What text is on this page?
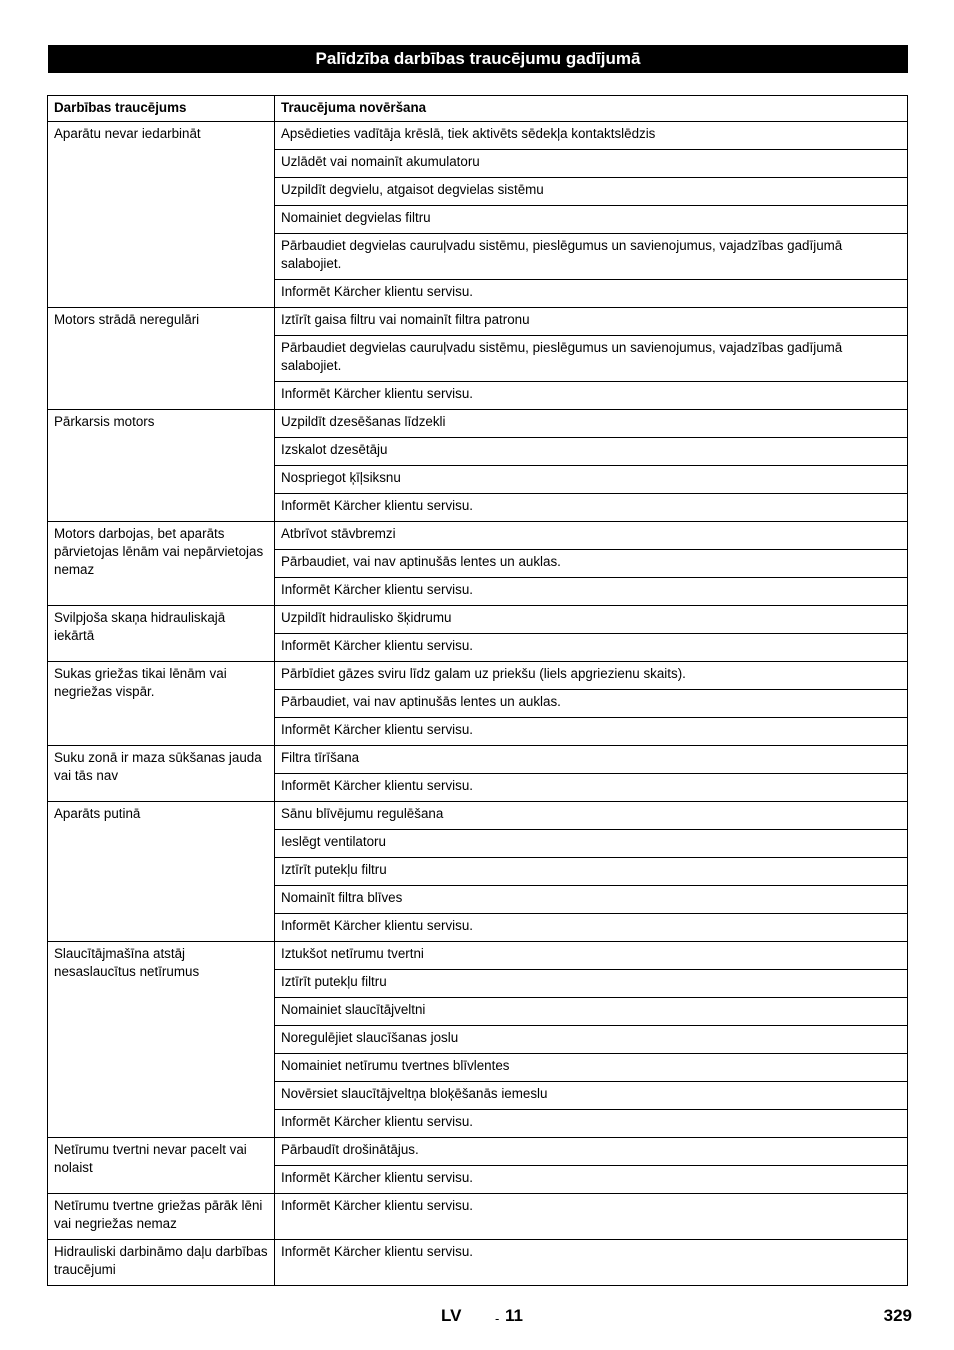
Palīdzība darbības traucējumu gadījumā
Darbības traucējums	Traucējuma novēršana
Aparātu nevar iedarbināt	Apsēdieties vadītāja krēslā, tiek aktivēts sēdekļa kontaktslēdzis
	Uzlādēt vai nomainīt akumulatoru
	Uzpildīt degvielu, atgaisot degvielas sistēmu
	Nomainiet degvielas filtru
	Pārbaudiet degvielas cauruļvadu sistēmu, pieslēgumus un savienojumus, vajadzības gadījumā salabojiet.
	Informēt Kärcher klientu servisu.
Motors strādā neregulāri	Iztīrīt gaisa filtru vai nomainīt filtra patronu
	Pārbaudiet degvielas cauruļvadu sistēmu, pieslēgumus un savienojumus, vajadzības gadījumā salabojiet.
	Informēt Kärcher klientu servisu.
Pārkarsis motors	Uzpildīt dzesēšanas līdzekli
	Izskalot dzesētāju
	Nospriegot ķīļsiksnu
	Informēt Kärcher klientu servisu.
Motors darbojas, bet aparāts pārvietojas lēnām vai nepārvietojas nemaz	Atbrīvot stāvbremzi
	Pārbaudiet, vai nav aptinušās lentes un auklas.
	Informēt Kärcher klientu servisu.
Svilpjoša skaņa hidrauliskajā iekārtā	Uzpildīt hidraulisko šķidrumu
	Informēt Kärcher klientu servisu.
Sukas griežas tikai lēnām vai negriežas vispār.	Pārbīdiet gāzes sviru līdz galam uz priekšu (liels apgriezienu skaits).
	Pārbaudiet, vai nav aptinušās lentes un auklas.
	Informēt Kärcher klientu servisu.
Suku zonā ir maza sūkšanas jauda vai tās nav	Filtra tīrīšana
	Informēt Kärcher klientu servisu.
Aparāts putinā	Sānu blīvējumu regulēšana
	Ieslēgt ventilatoru
	Iztīrīt putekļu filtru
	Nomainīt filtra blīves
	Informēt Kärcher klientu servisu.
Slaucītājmašīna atstāj nesaslaucītus netīrumus	Iztukšot netīrumu tvertni
	Iztīrīt putekļu filtru
	Nomainiet slaucītājveltni
	Noregulējiet slaucīšanas joslu
	Nomainiet netīrumu tvertnes blīvlentes
	Novērsiet slaucītājveltņa bloķēšanās iemeslu
	Informēt Kärcher klientu servisu.
Netīrumu tvertni nevar pacelt vai nolaist	Pārbaudīt drošinātājus.
	Informēt Kärcher klientu servisu.
Netīrumu tvertne griežas pārāk lēni vai negriežas nemaz	Informēt Kärcher klientu servisu.
Hidrauliski darbināmo daļu darbības traucējumi	Informēt Kärcher klientu servisu.
LV	- 11	329
